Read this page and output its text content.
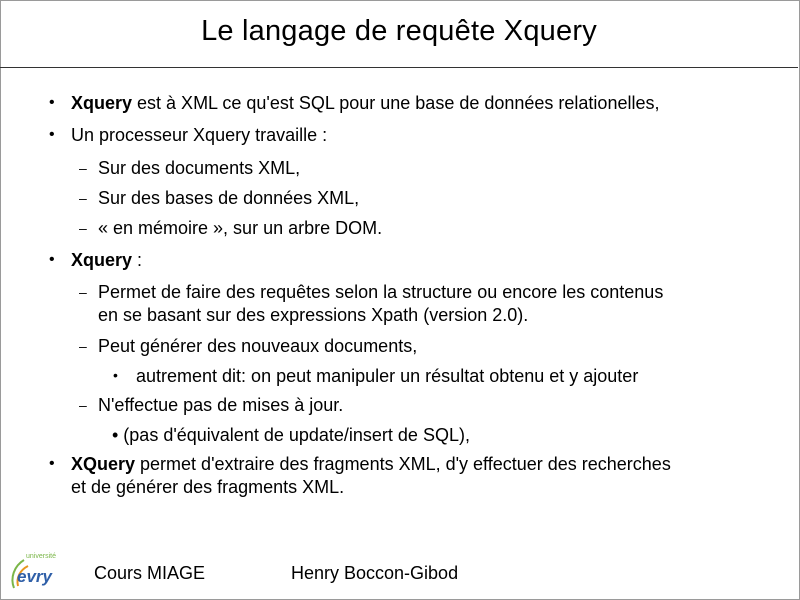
Le langage de requête Xquery
• Xquery est à XML ce qu'est SQL pour une base de données relationelles,
• Un processeur Xquery travaille :
– Sur des documents XML,
– Sur des bases de données XML,
– « en mémoire », sur un arbre DOM.
• Xquery :
– Permet de faire des requêtes selon la structure ou encore les contenus
en se basant sur des expressions Xpath (version 2.0).
– Peut générer des nouveaux documents,
• autrement dit: on peut manipuler un résultat obtenu et y ajouter
– N'effectue pas de mises à jour.
• (pas d'équivalent de update/insert de SQL),
• XQuery permet d'extraire des fragments XML, d'y effectuer des recherches
et de générer des fragments XML.
université
evry Cours MIAGE	Henry Boccon-Gibod
